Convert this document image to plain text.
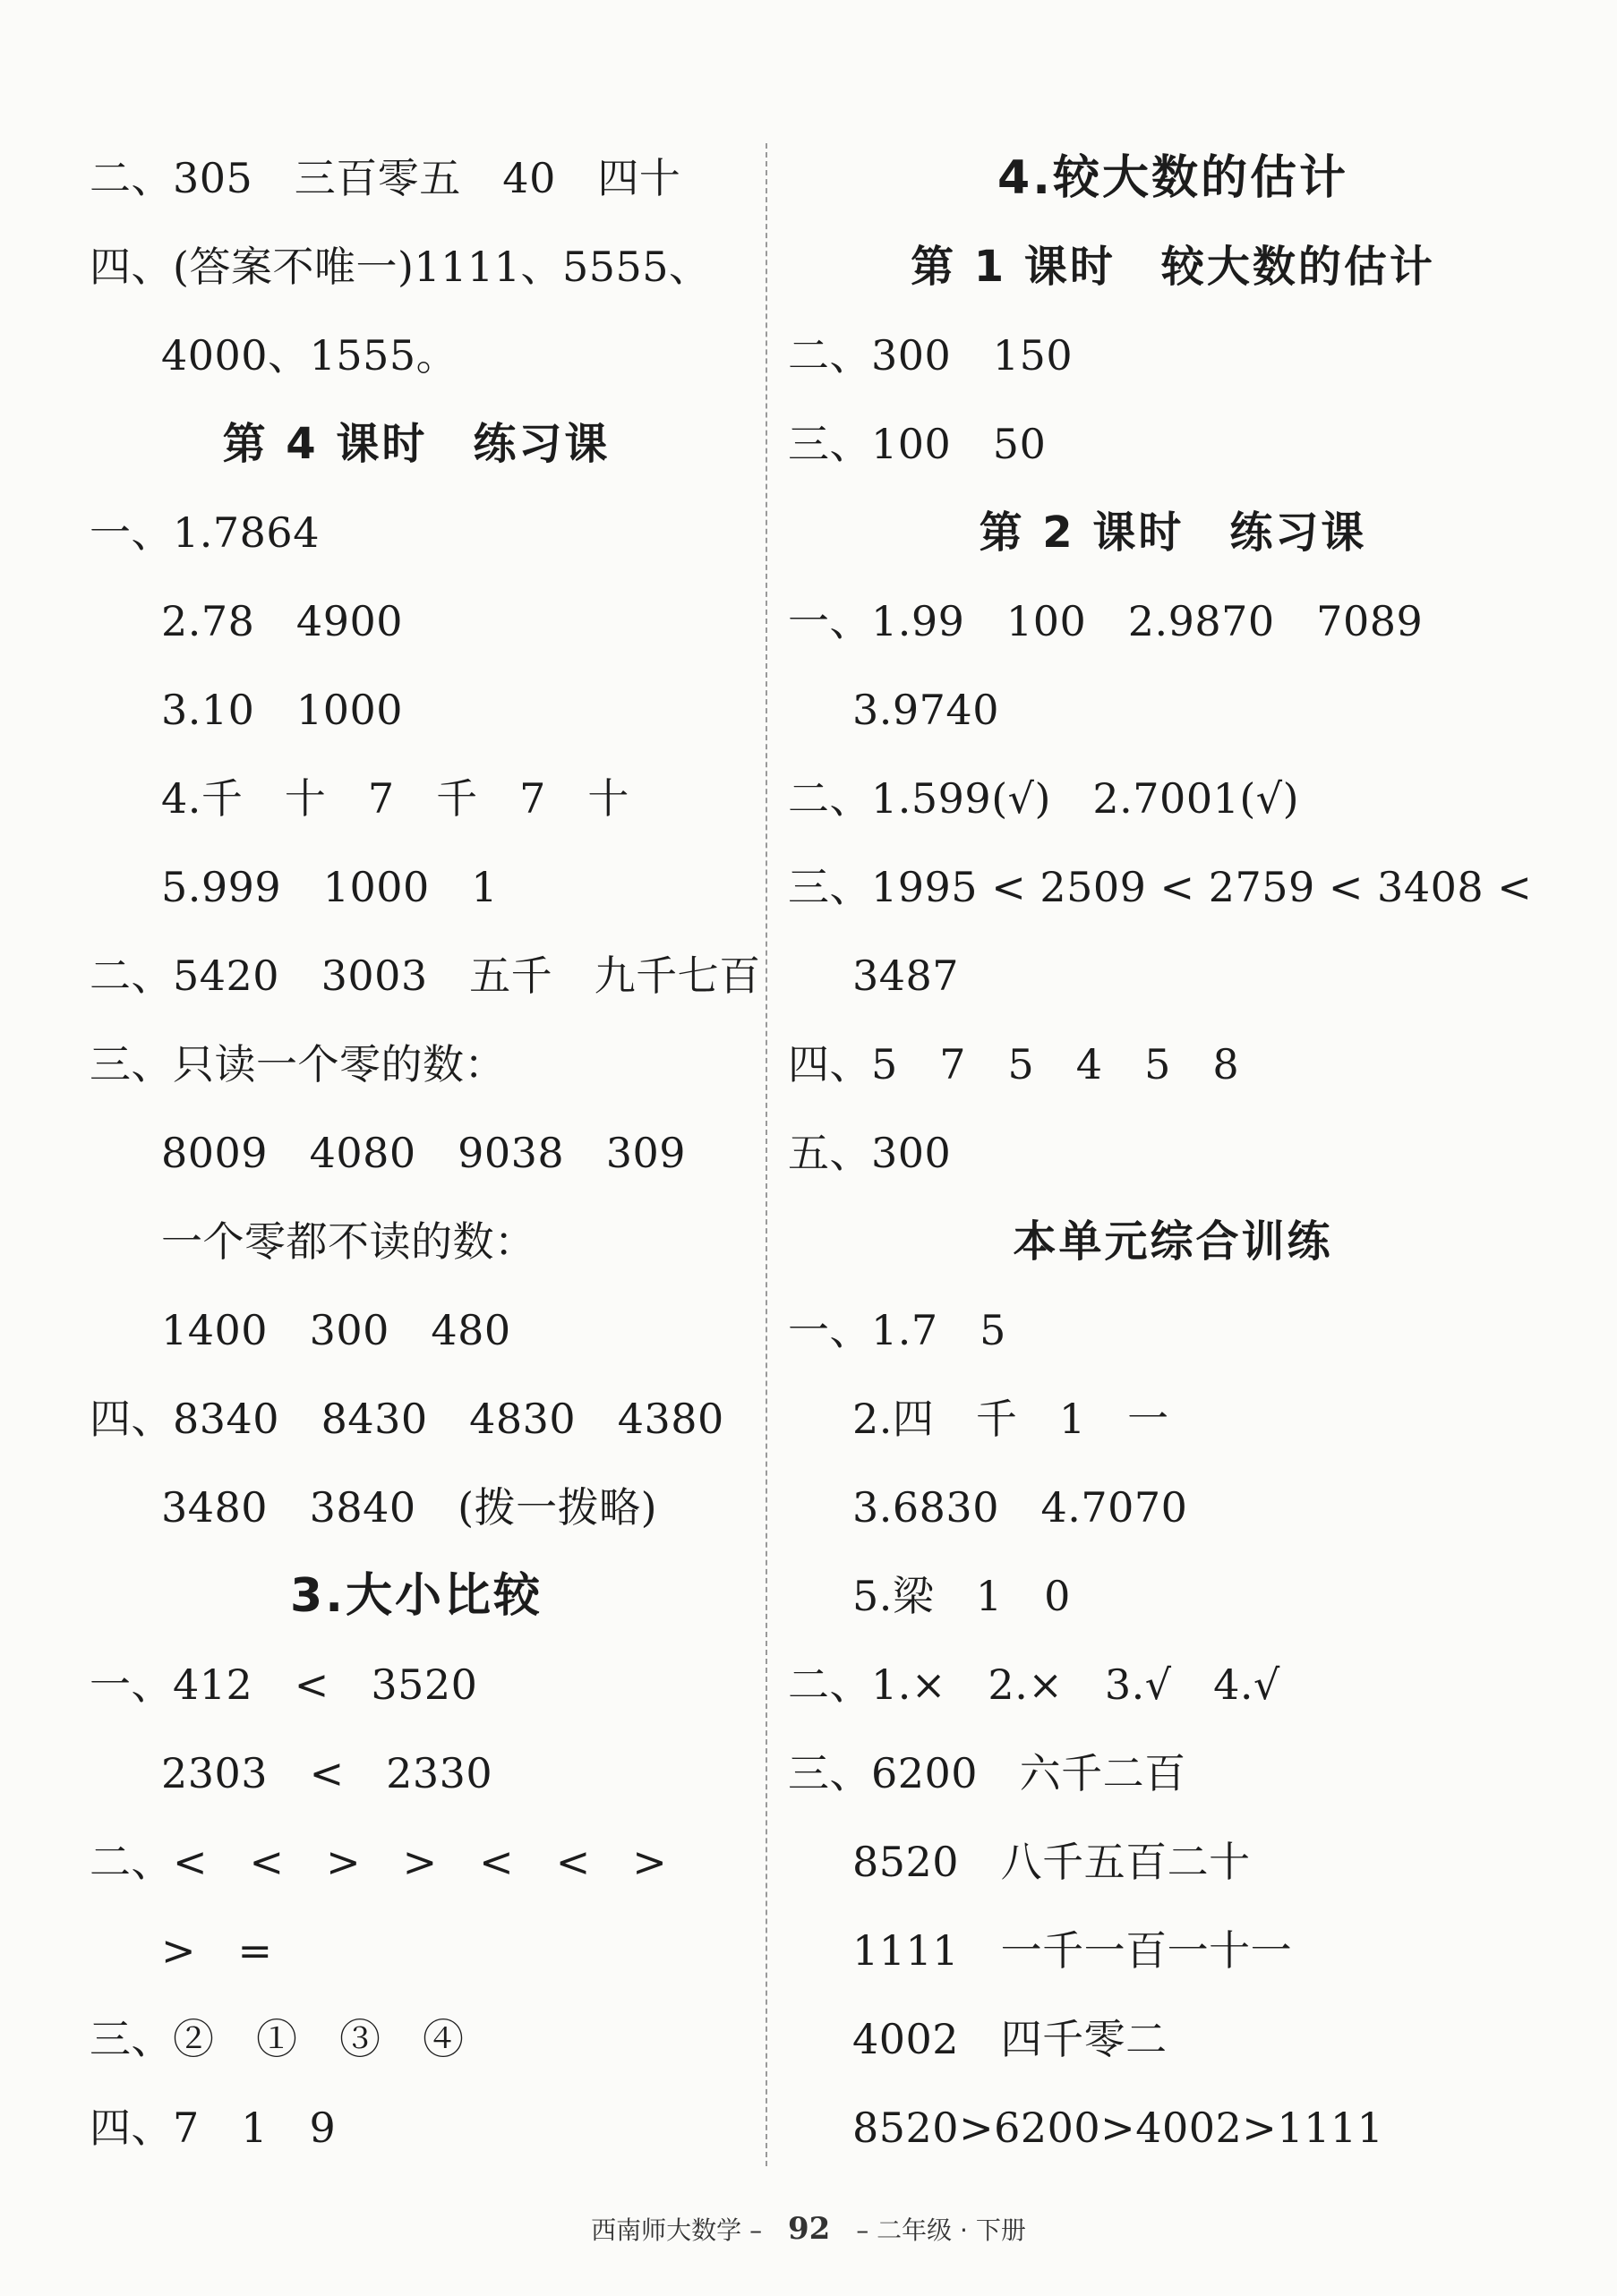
二、305　三百零五　40　四十
四、(答案不唯一)1111、5555、
4000、1555。
第 4 课时　练习课
一、1.7864
2.78　4900
3.10　1000
4.千　十　7　千　7　十
5.999　1000　1
二、5420　3003　五千　九千七百
三、只读一个零的数：
8009　4080　9038　309
一个零都不读的数：
1400　300　480
四、8340　8430　4830　4380
3480　3840　(拨一拨略)
3.大小比较
一、412　<　3520
2303　<　2330
二、<　<　>　>　<　<　>
>　=
三、②　①　③　④
四、7　1　9
4.较大数的估计
第 1 课时　较大数的估计
二、300　150
三、100　50
第 2 课时　练习课
一、1.99　100　2.9870　7089
3.9740
二、1.599(√)　2.7001(√)
三、1995 < 2509 < 2759 < 3408 <
3487
四、5　7　5　4　5　8
五、300
本单元综合训练
一、1.7　5
2.四　千　1　一
3.6830　4.7070
5.梁　1　0
二、1.×　2.×　3.√　4.√
三、6200　六千二百
8520　八千五百二十
1111　一千一百一十一
4002　四千零二
8520>6200>4002>1111
西南师大数学 – 92 – 二年级 · 下册
